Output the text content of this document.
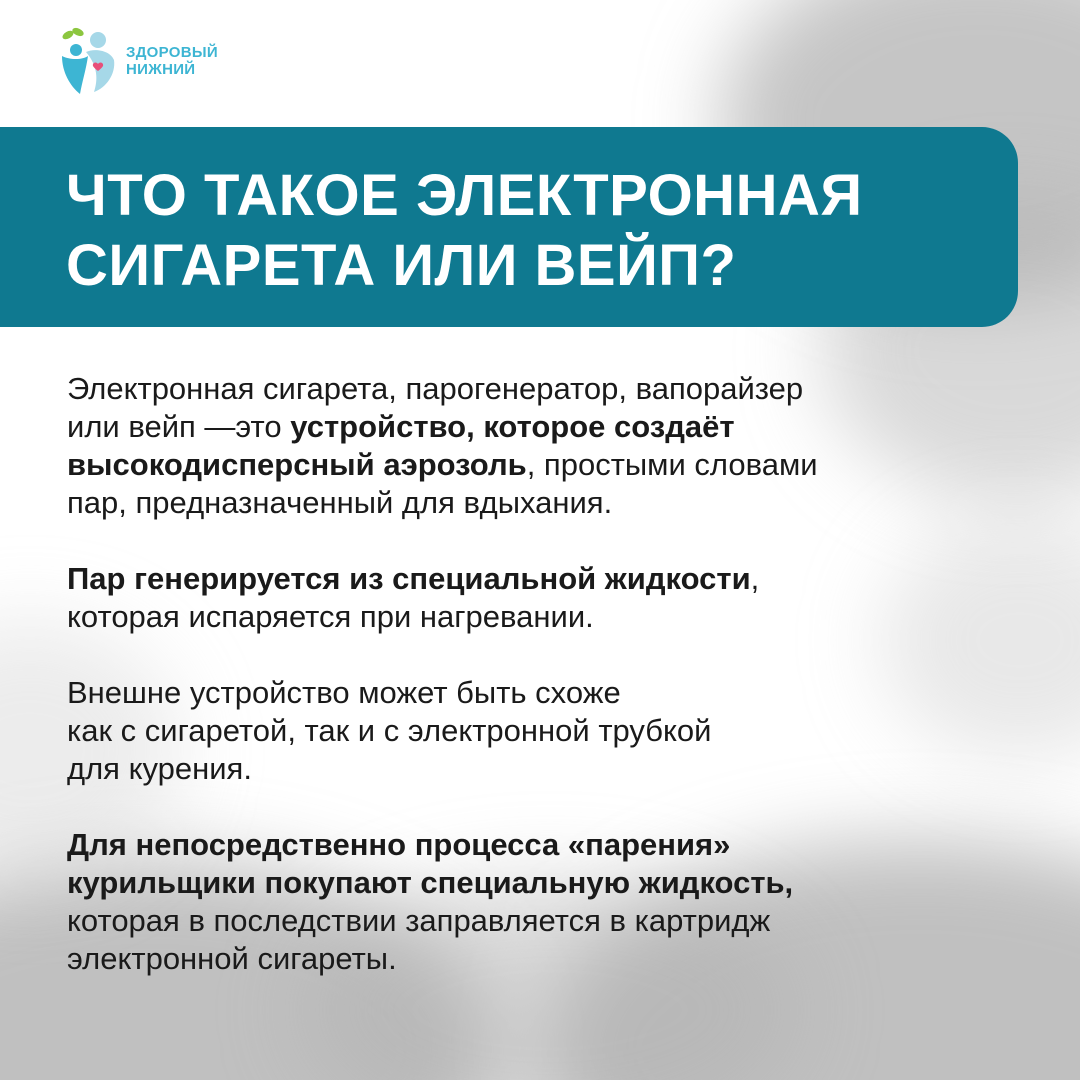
ЗДОРОВЫЙ
НИЖНИЙ
ЧТО ТАКОЕ ЭЛЕКТРОННАЯ
СИГАРЕТА ИЛИ ВЕЙП?

Электронная сигарета, парогенератор, вапорайзер
или вейп —это устройство, которое создаёт
высокодисперсный аэрозоль, простыми словами
пар, предназначенный для вдыхания.

Пар генерируется из специальной жидкости,
которая испаряется при нагревании.

Внешне устройство может быть схоже
как с сигаретой, так и с электронной трубкой
для курения.

Для непосредственно процесса «парения»
курильщики покупают специальную жидкость,
которая в последствии заправляется в картридж
электронной сигареты.
